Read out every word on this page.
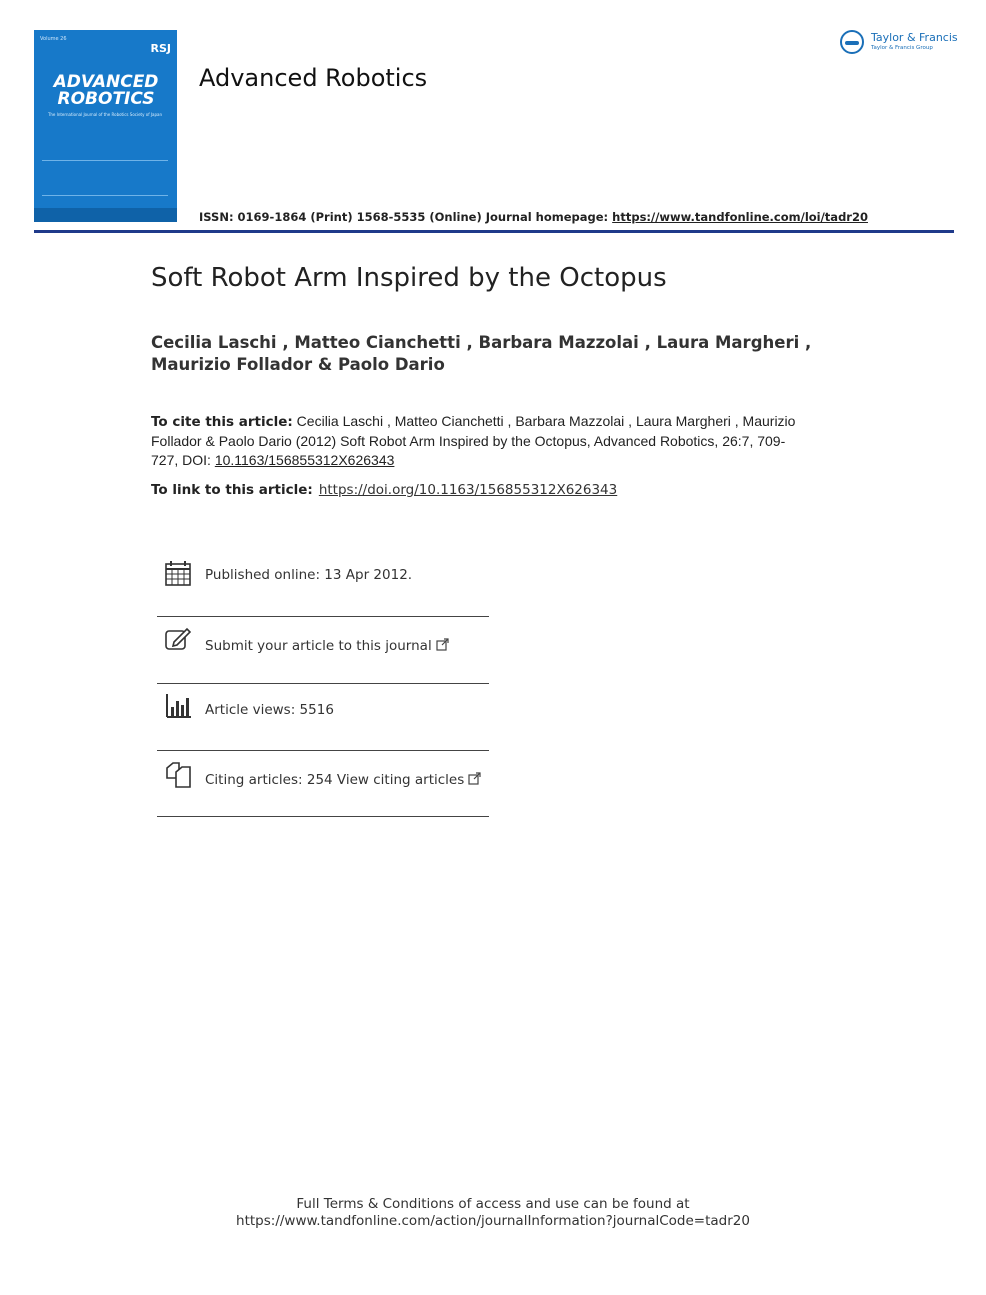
Volume 26
RSJ
ADVANCED
ROBOTICS
The International Journal of the Robotics Society of Japan
Advanced Robotics
Taylor & Francis
Taylor & Francis Group
ISSN: 0169-1864 (Print) 1568-5535 (Online) Journal homepage: https://www.tandfonline.com/loi/tadr20
Soft Robot Arm Inspired by the Octopus
Cecilia Laschi , Matteo Cianchetti , Barbara Mazzolai , Laura Margheri ,
Maurizio Follador & Paolo Dario
To cite this article: Cecilia Laschi , Matteo Cianchetti , Barbara Mazzolai , Laura Margheri , Maurizio Follador & Paolo Dario (2012) Soft Robot Arm Inspired by the Octopus, Advanced Robotics, 26:7, 709-727, DOI: 10.1163/156855312X626343
To link to this article: https://doi.org/10.1163/156855312X626343
Published online: 13 Apr 2012.
Submit your article to this journal
Article views: 5516
Citing articles: 254 View citing articles
Full Terms & Conditions of access and use can be found at
https://www.tandfonline.com/action/journalInformation?journalCode=tadr20
